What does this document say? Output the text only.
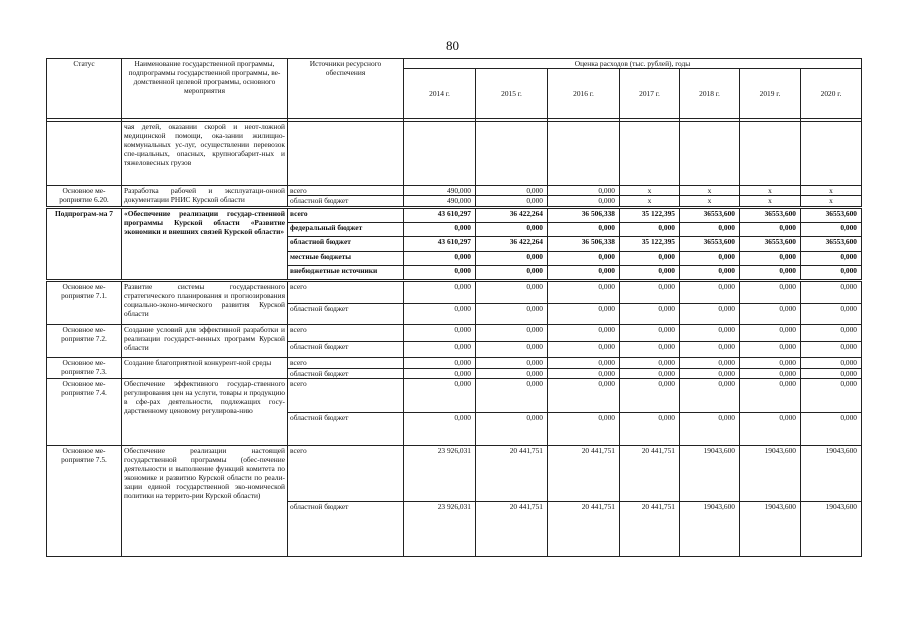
80
Статус	Наименование государственной программы, подпрограммы государственной программы, ве-домственной целевой программы, основного мероприятия	Источники ресурсного обеспечения	Оценка расходов (тыс. рублей), годы						
			2014 г.	2015 г.	2016 г.	2017 г.	2018 г.	2019 г.	2020 г.

	чая детей, оказании скорой и неот-ложной медицинской помощи, ока-зании жилищно-коммунальных ус-луг, осуществлении перевозок спе-циальных, опасных, крупногабарит-ных и тяжеловесных грузов								
Основное ме-роприятие 6.20.	Разработка рабочей и эксплуатаци-онной документации РНИС Курской области	всего	490,000	0,000	0,000	х	х	х	х
		областной бюджет	490,000	0,000	0,000	х	х	х	х
Подпрограм-ма 7	«Обеспечение реализации государ-ственной программы Курской области «Развитие экономики и внешних связей Курской области»	всего	43 610,297	36 422,264	36 506,338	35 122,395	36553,600	36553,600	36553,600
		федеральный бюджет	0,000	0,000	0,000	0,000	0,000	0,000	0,000
		областной бюджет	43 610,297	36 422,264	36 506,338	35 122,395	36553,600	36553,600	36553,600
		местные бюджеты	0,000	0,000	0,000	0,000	0,000	0,000	0,000
		внебюджетные источники	0,000	0,000	0,000	0,000	0,000	0,000	0,000
Основное ме-роприятие 7.1.	Развитие системы государственного стратегического планирования и прогнозирования социально-эконо-мического развития Курской области	всего	0,000	0,000	0,000	0,000	0,000	0,000	0,000
		областной бюджет	0,000	0,000	0,000	0,000	0,000	0,000	0,000
Основное ме-роприятие 7.2.	Создание условий для эффективной разработки и реализации государст-венных программ Курской области	всего	0,000	0,000	0,000	0,000	0,000	0,000	0,000
		областной бюджет	0,000	0,000	0,000	0,000	0,000	0,000	0,000
Основное ме-роприятие 7.3.	Создание благоприятной конкурент-ной среды	всего	0,000	0,000	0,000	0,000	0,000	0,000	0,000
		областной бюджет	0,000	0,000	0,000	0,000	0,000	0,000	0,000
Основное ме-роприятие 7.4.	Обеспечение эффективного государ-ственного регулирования цен на услуги, товары и продукцию в сфе-рах деятельности, подлежащих госу-дарственному ценовому регулирова-нию	всего	0,000	0,000	0,000	0,000	0,000	0,000	0,000
		областной бюджет	0,000	0,000	0,000	0,000	0,000	0,000	0,000
Основное ме-роприятие 7.5.	Обеспечение реализации настоящей государственной программы (обес-печение деятельности и выполнение функций комитета по экономике и развитию Курской области по реали-зации единой государственной эко-номической политики на террито-рии Курской области)	всего	23 926,031	20 441,751	20 441,751	20 441,751	19043,600	19043,600	19043,600
		областной бюджет	23 926,031	20 441,751	20 441,751	20 441,751	19043,600	19043,600	19043,600
